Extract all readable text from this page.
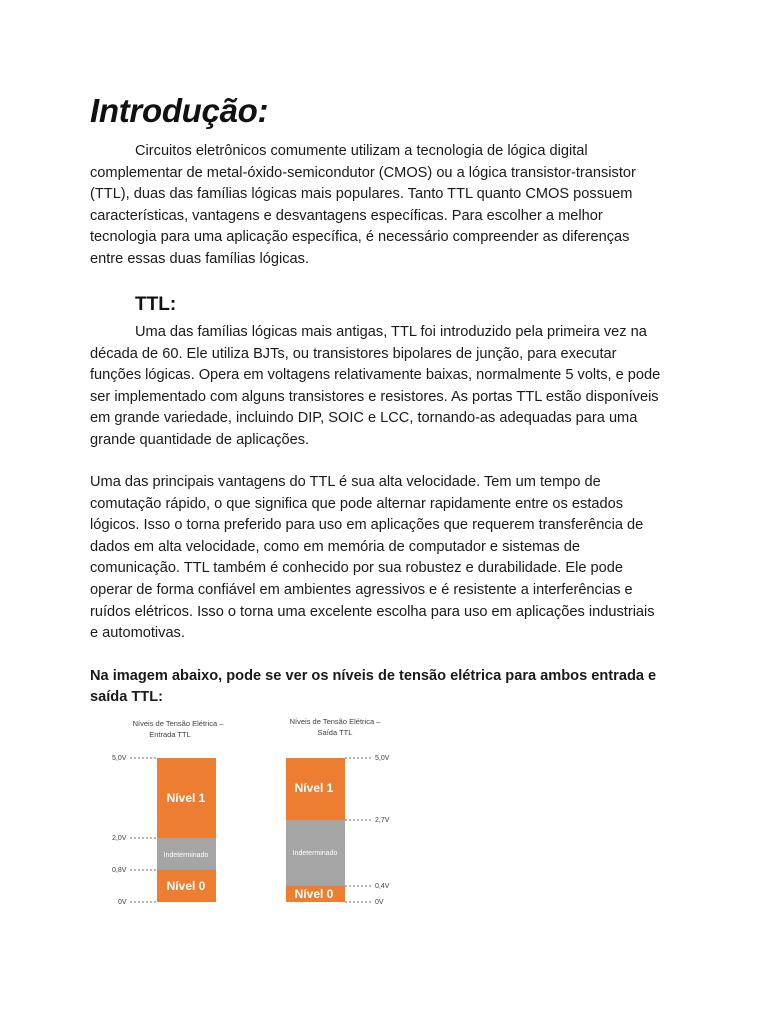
Introdução:

Circuitos eletrônicos comumente utilizam a tecnologia de lógica digital complementar de metal-óxido-semicondutor (CMOS) ou a lógica transistor-transistor (TTL), duas das famílias lógicas mais populares. Tanto TTL quanto CMOS possuem características, vantagens e desvantagens específicas. Para escolher a melhor tecnologia para uma aplicação específica, é necessário compreender as diferenças entre essas duas famílias lógicas.

TTL:

Uma das famílias lógicas mais antigas, TTL foi introduzido pela primeira vez na década de 60. Ele utiliza BJTs, ou transistores bipolares de junção, para executar funções lógicas. Opera em voltagens relativamente baixas, normalmente 5 volts, e pode ser implementado com alguns transistores e resistores. As portas TTL estão disponíveis em grande variedade, incluindo DIP, SOIC e LCC, tornando-as adequadas para uma grande quantidade de aplicações.

Uma das principais vantagens do TTL é sua alta velocidade. Tem um tempo de comutação rápido, o que significa que pode alternar rapidamente entre os estados lógicos. Isso o torna preferido para uso em aplicações que requerem transferência de dados em alta velocidade, como em memória de computador e sistemas de comunicação. TTL também é conhecido por sua robustez e durabilidade. Ele pode operar de forma confiável em ambientes agressivos e é resistente a interferências e ruídos elétricos. Isso o torna uma excelente escolha para uso em aplicações industriais e automotivas.

Na imagem abaixo, pode se ver os níveis de tensão elétrica para ambos entrada e saída TTL:

Níveis de Tensão Elétrica –
Entrada TTL
Nível 1
Indeterminado
Nível 0
5,0V
2,0V
0,8V
0V
Níveis de Tensão Elétrica –
Saída TTL
Nível 1
Indeterminado
Nível 0
5,0V
2,7V
0,4V
0V
